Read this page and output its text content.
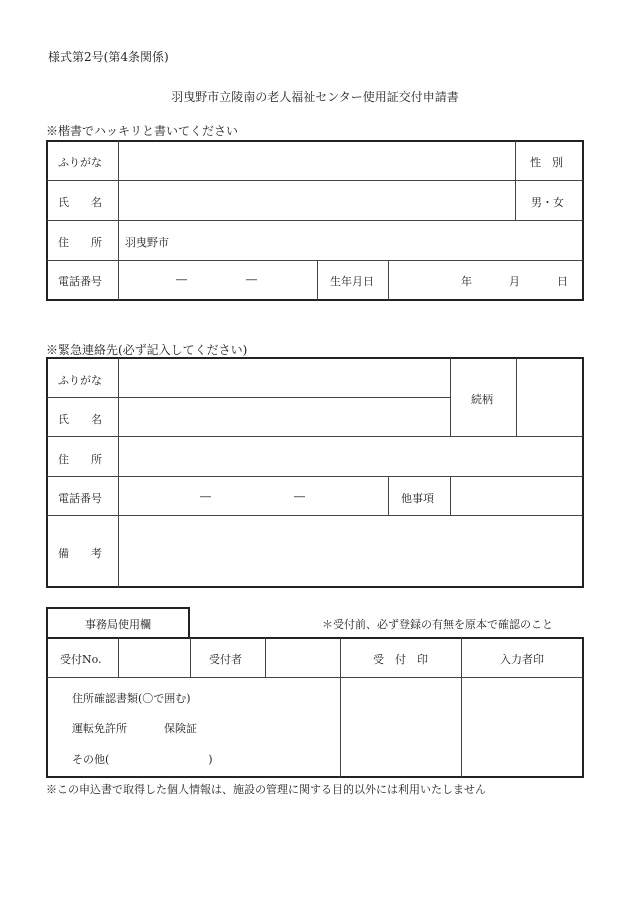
様式第2号(第4条関係)
羽曳野市立陵南の老人福祉センター使用証交付申請書
※楷書でハッキリと書いてください
ふりがな	性　別
氏　　名	男・女
住　　所 羽曳野市
電話番号	―	―	生年月日	年	月	日
※緊急連絡先(必ず記入してください)
ふりがな
氏　　名
続柄
住　　所
電話番号	―	―	他事項
備　　考
事務局使用欄	＊受付前、必ず登録の有無を原本で確認のこと
受付No.	受付者	受　付　印	入力者印
住所確認書類(〇で囲む)
運転免許所	保険証
その他(　　　　　　　　　)
※この申込書で取得した個人情報は、施設の管理に関する目的以外には利用いたしません
